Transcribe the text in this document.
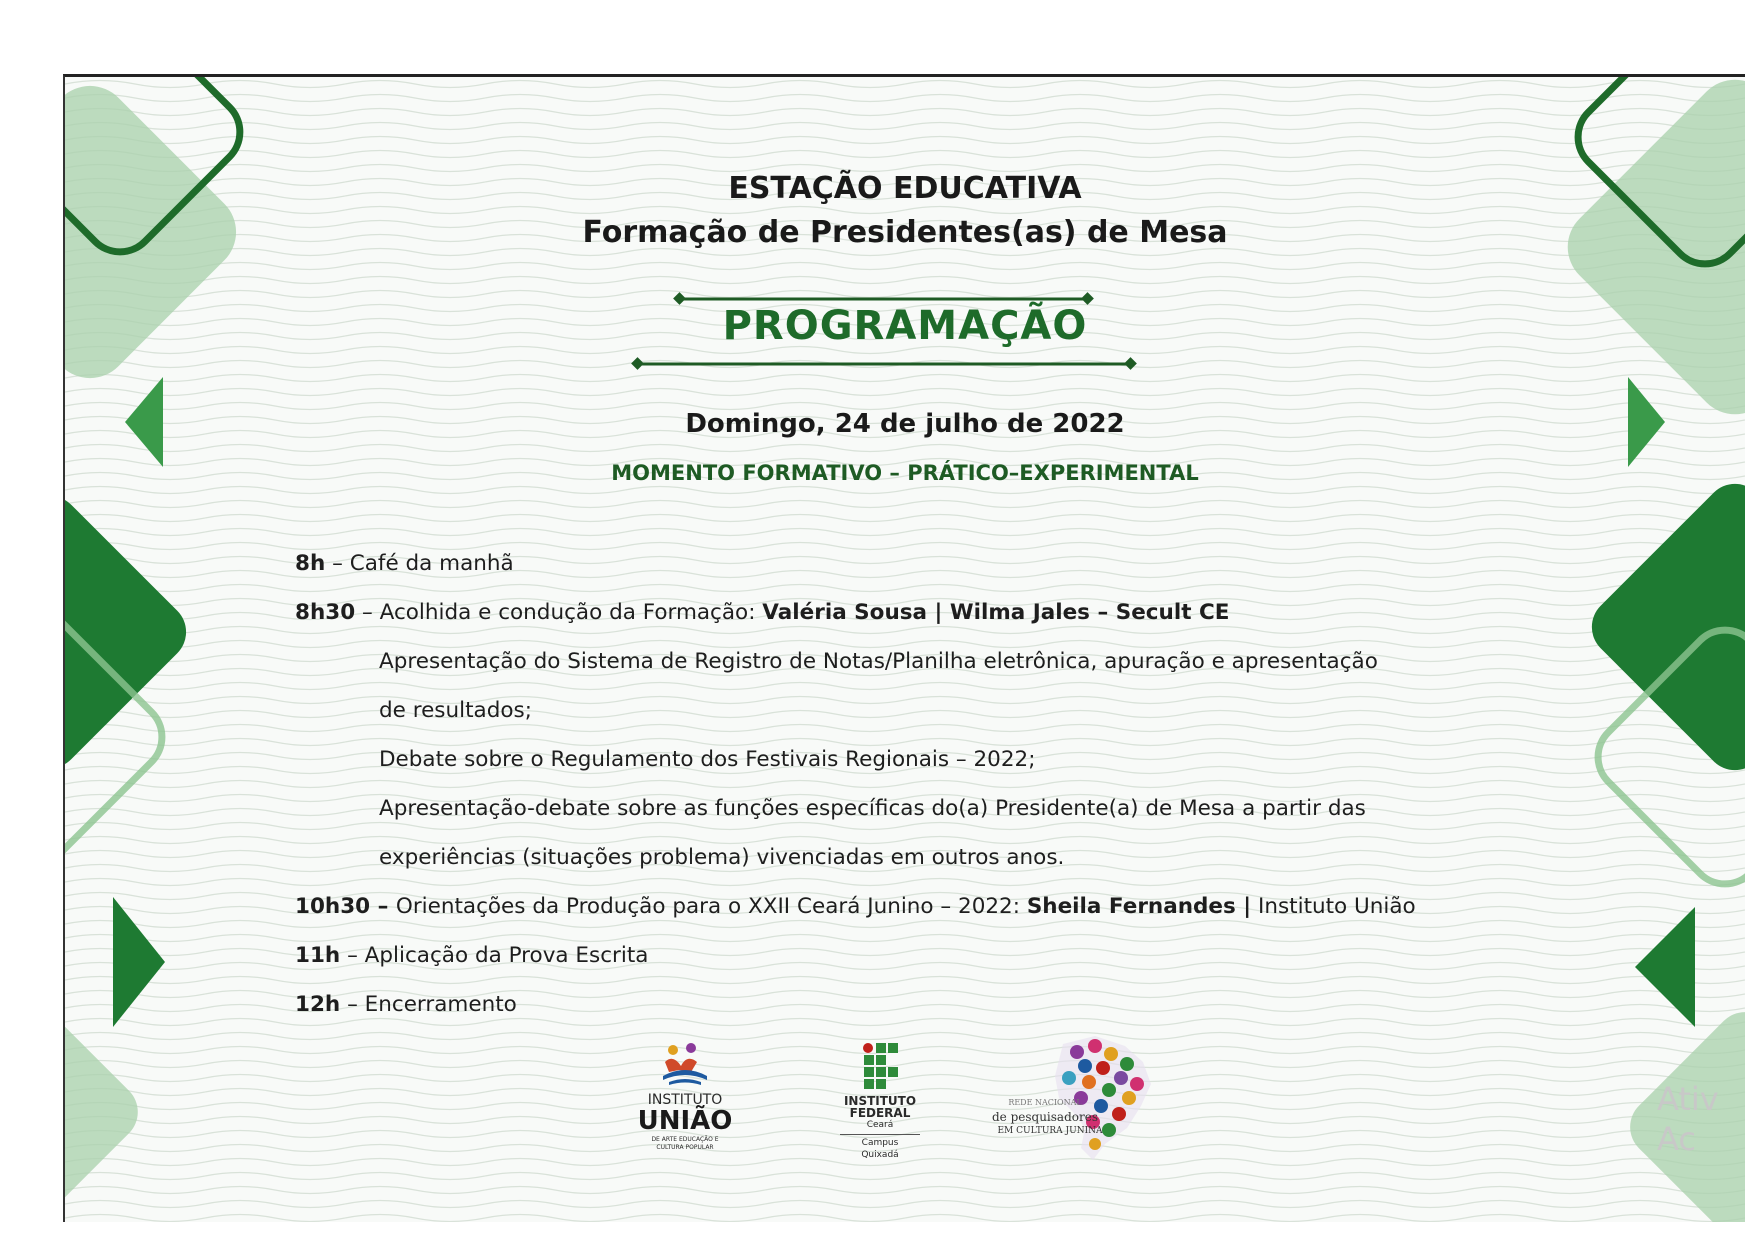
ESTAÇÃO EDUCATIVA
Formação de Presidentes(as) de Mesa
PROGRAMAÇÃO
Domingo, 24 de julho de 2022
MOMENTO FORMATIVO – PRÁTICO–EXPERIMENTAL
8h – Café da manhã
8h30 – Acolhida e condução da Formação: Valéria Sousa | Wilma Jales – Secult CE
Apresentação do Sistema de Registro de Notas/Planilha eletrônica, apuração e apresentação
de resultados;
Debate sobre o Regulamento dos Festivais Regionais – 2022;
Apresentação-debate sobre as funções específicas do(a) Presidente(a) de Mesa a partir das
experiências (situações problema) vivenciadas em outros anos.
10h30 – Orientações da Produção para o XXII Ceará Junino – 2022: Sheila Fernandes | Instituto União
11h – Aplicação da Prova Escrita
12h – Encerramento
INSTITUTO
UNIÃO
DE ARTE EDUCAÇÃO E
CULTURA POPULAR
INSTITUTO
FEDERAL
Ceará
Campus
Quixadá
REDE NACIONAL
de pesquisadores
EM CULTURA JUNINA
Ativ
Ac
